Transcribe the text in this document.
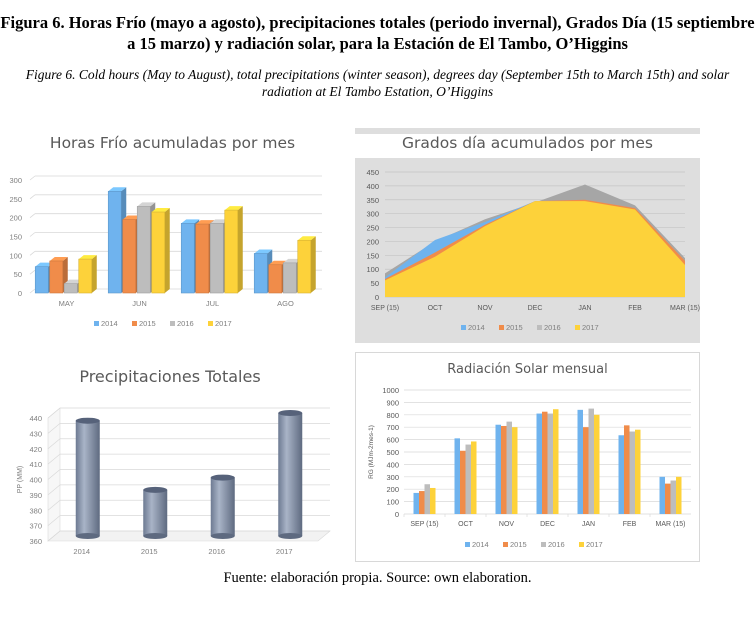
Figura 6. Horas Frío (mayo a agosto), precipitaciones totales (periodo invernal), Grados Día (15 septiembre a 15 marzo) y radiación solar, para la Estación de El Tambo, O’Higgins
Figure 6. Cold hours (May to August), total precipitations (winter season), degrees day (September 15th to March 15th) and solar radiation at El Tambo Estation, O’Higgins
Horas Frío acumuladas por mes
0
50
100
150
200
250
300
MAY	JUN	JUL	AGO
2014	2015	2016	2017
Grados día acumulados por mes
0
50
100
150
200
250
300
350
400
450
SEP (15)	OCT	NOV	DEC	JAN	FEB	MAR (15)
2014	2015	2016	2017
Precipitaciones Totales
360
370
380
390
400
410
420
430
440
PP (MM)
2014	2015	2016	2017
Radiación Solar mensual
0
100
200
300
400
500
600
700
800
900
1000
RG (MJm-2mes-1)
SEP (15)	OCT	NOV	DEC	JAN	FEB	MAR (15)
2014	2015	2016	2017
Fuente: elaboración propia. Source: own elaboration.
